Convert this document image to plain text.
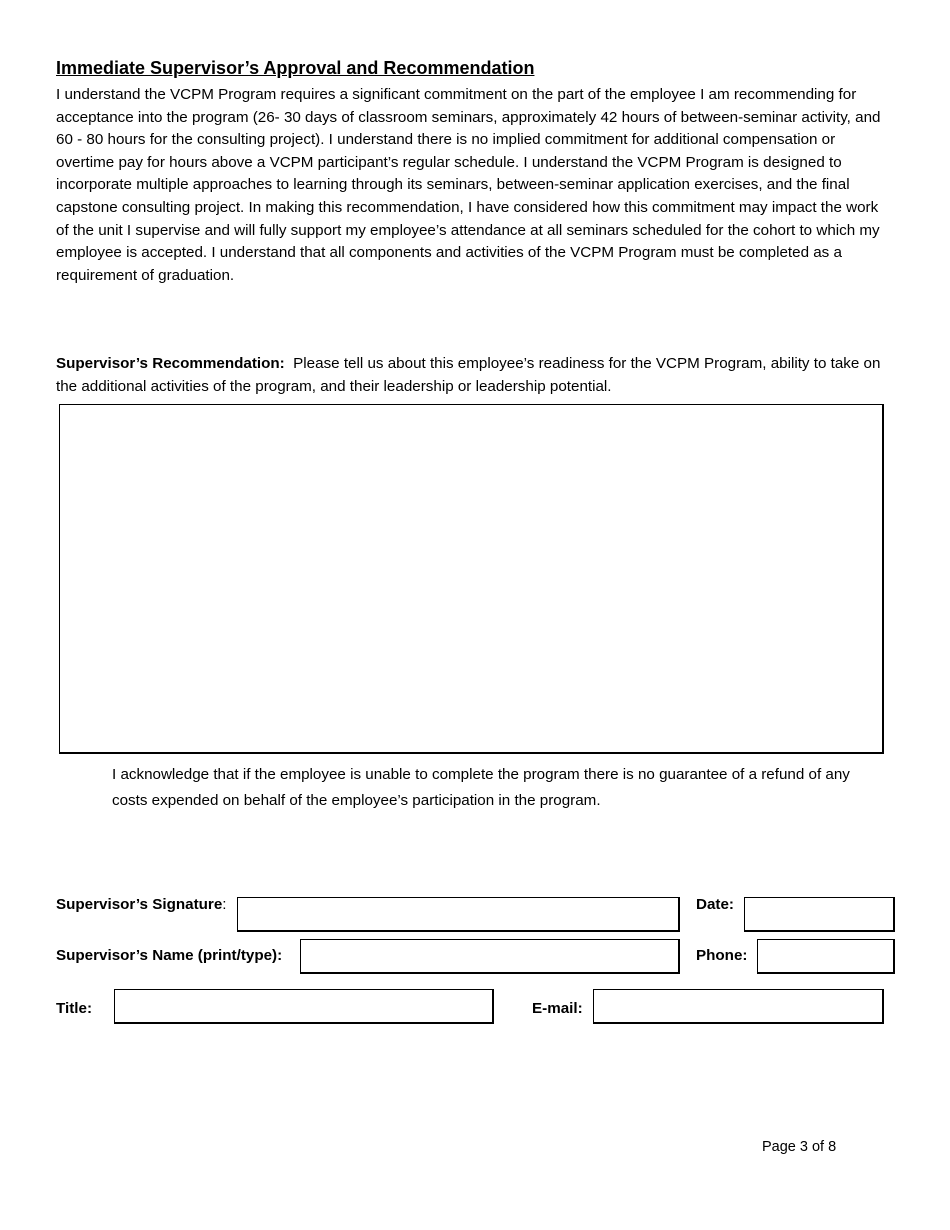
Immediate Supervisor’s Approval and Recommendation
I understand the VCPM Program requires a significant commitment on the part of the employee I am recommending for acceptance into the program (26- 30 days of classroom seminars, approximately 42 hours of between-seminar activity, and 60 - 80 hours for the consulting project). I understand there is no implied commitment for additional compensation or overtime pay for hours above a VCPM participant’s regular schedule. I understand the VCPM Program is designed to incorporate multiple approaches to learning through its seminars, between-seminar application exercises, and the final capstone consulting project. In making this recommendation, I have considered how this commitment may impact the work of the unit I supervise and will fully support my employee’s attendance at all seminars scheduled for the cohort to which my employee is accepted. I understand that all components and activities of the VCPM Program must be completed as a requirement of graduation.
Supervisor’s Recommendation: Please tell us about this employee’s readiness for the VCPM Program, ability to take on the additional activities of the program, and their leadership or leadership potential.
I acknowledge that if the employee is unable to complete the program there is no guarantee of a refund of any costs expended on behalf of the employee’s participation in the program.
Supervisor’s Signature:	Date:
Supervisor’s Name (print/type):	Phone:
Title:	E-mail:
Page 3 of 8
